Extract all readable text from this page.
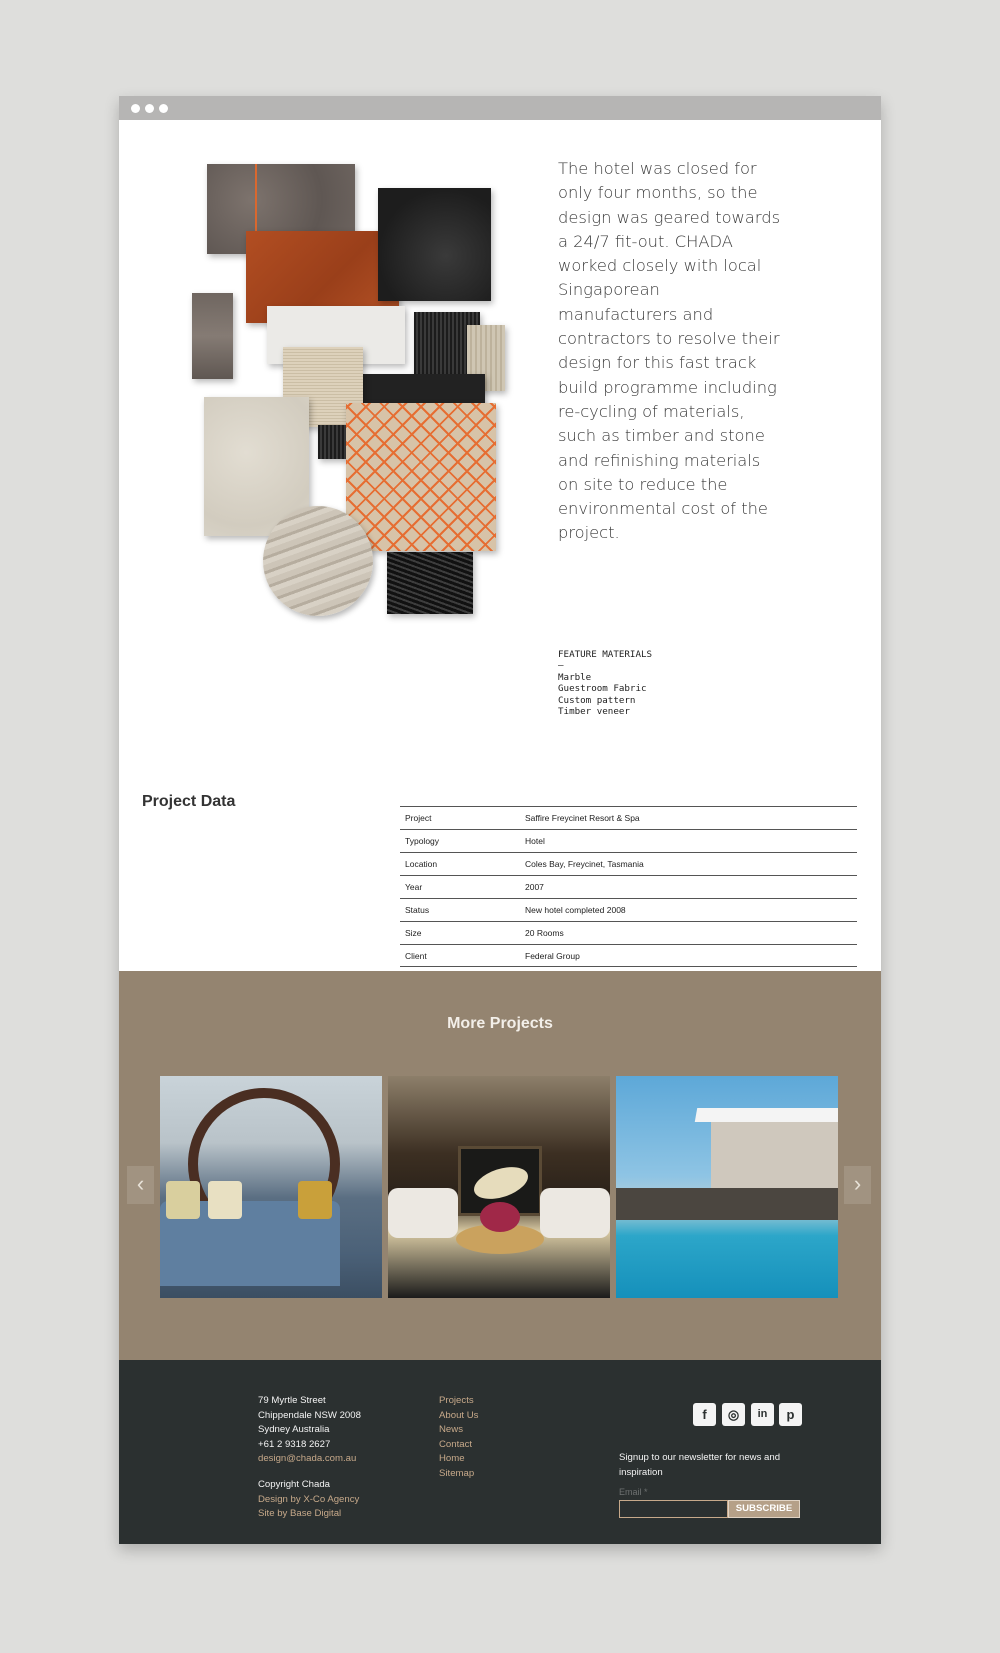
The hotel was closed for only four months, so the design was geared towards a 24/7 fit-out. CHADA worked closely with local Singaporean manufacturers and contractors to resolve their design for this fast track build programme including re-cycling of materials, such as timber and stone and refinishing materials on site to reduce the environmental cost of the project.

FEATURE MATERIALS
—
Marble
Guestroom Fabric
Custom pattern
Timber veneer
Project Data
Project	Saffire Freycinet Resort & Spa
Typology	Hotel
Location	Coles Bay, Freycinet, Tasmania
Year	2007
Status	New hotel completed 2008
Size	20 Rooms
Client	Federal Group
More Projects
‹	›
79 Myrtle Street
Chippendale NSW 2008
Sydney Australia
+61 2 9318 2627
design@chada.com.au
Copyright Chada
Design by X-Co Agency
Site by Base Digital
Projects
About Us
News
Contact
Home
Sitemap
f	◎	in	p
Signup to our newsletter for news and inspiration
Email *
SUBSCRIBE
